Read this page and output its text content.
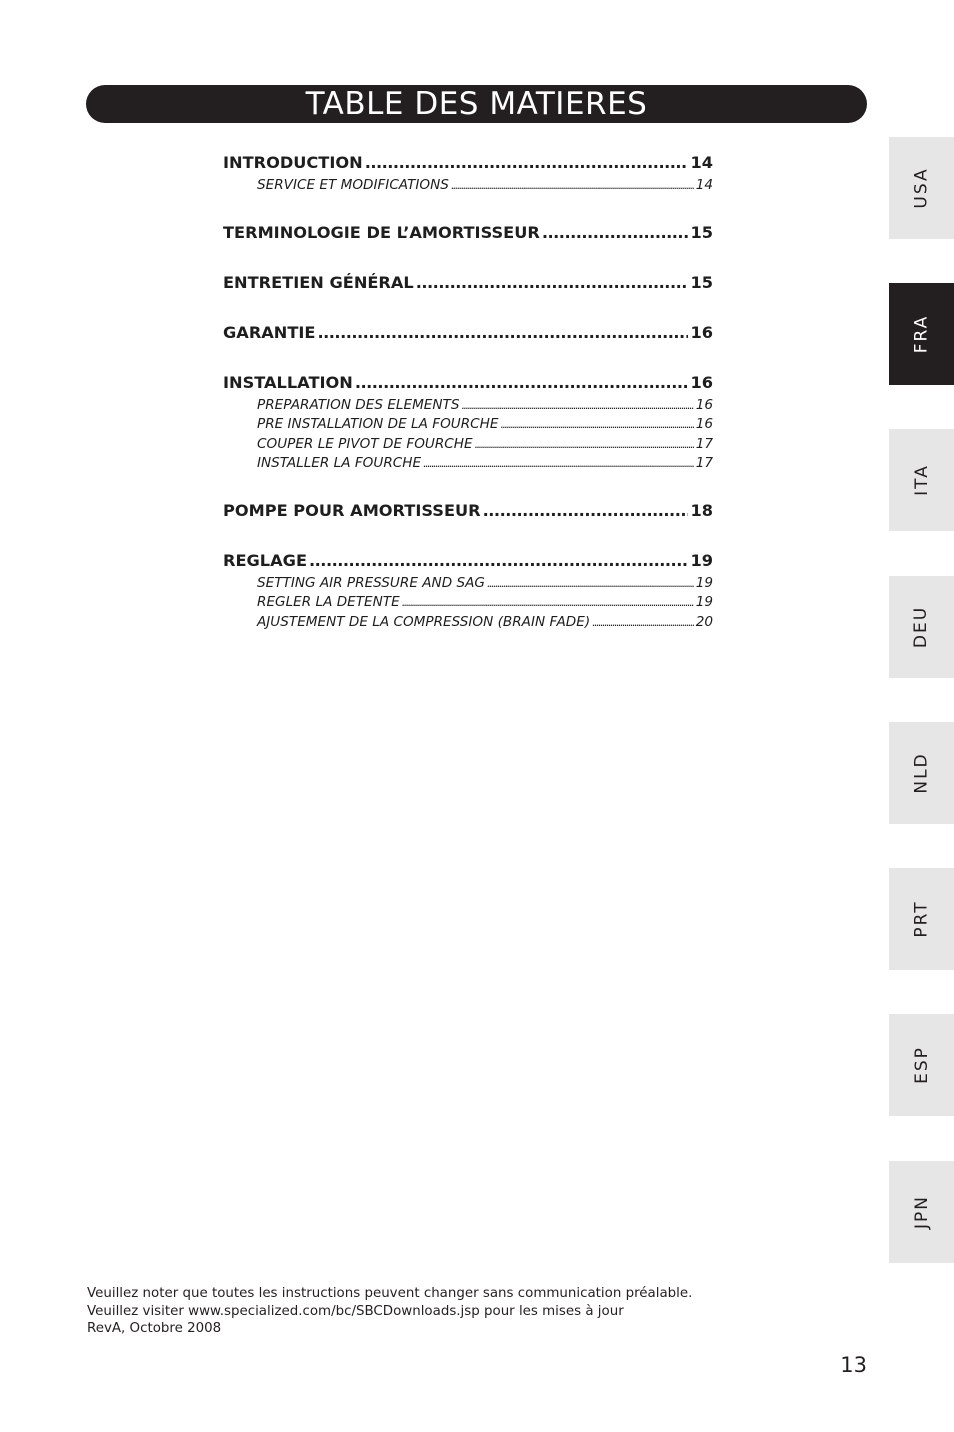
TABLE DES MATIERES
INTRODUCTION .....	14
SERVICE ET MODIFICATIONS .....	14
TERMINOLOGIE DE L’AMORTISSEUR .....	15
ENTRETIEN GÉNÉRAL .....	15
GARANTIE .....	16
INSTALLATION .....	16
PREPARATION DES ELEMENTS .....	16
PRE INSTALLATION DE LA FOURCHE .....	16
COUPER LE PIVOT DE FOURCHE .....	17
INSTALLER LA FOURCHE .....	17
POMPE POUR AMORTISSEUR .....	18
REGLAGE .....	19
SETTING AIR PRESSURE AND SAG .....	19
REGLER LA DETENTE .....	19
AJUSTEMENT DE LA COMPRESSION (BRAIN FADE) .....	20
USA
FRA
ITA
DEU
NLD
PRT
ESP
JPN
Veuillez noter que toutes les instructions peuvent changer sans communication préalable.
Veuillez visiter www.specialized.com/bc/SBCDownloads.jsp pour les mises à jour
RevA, Octobre 2008
13
